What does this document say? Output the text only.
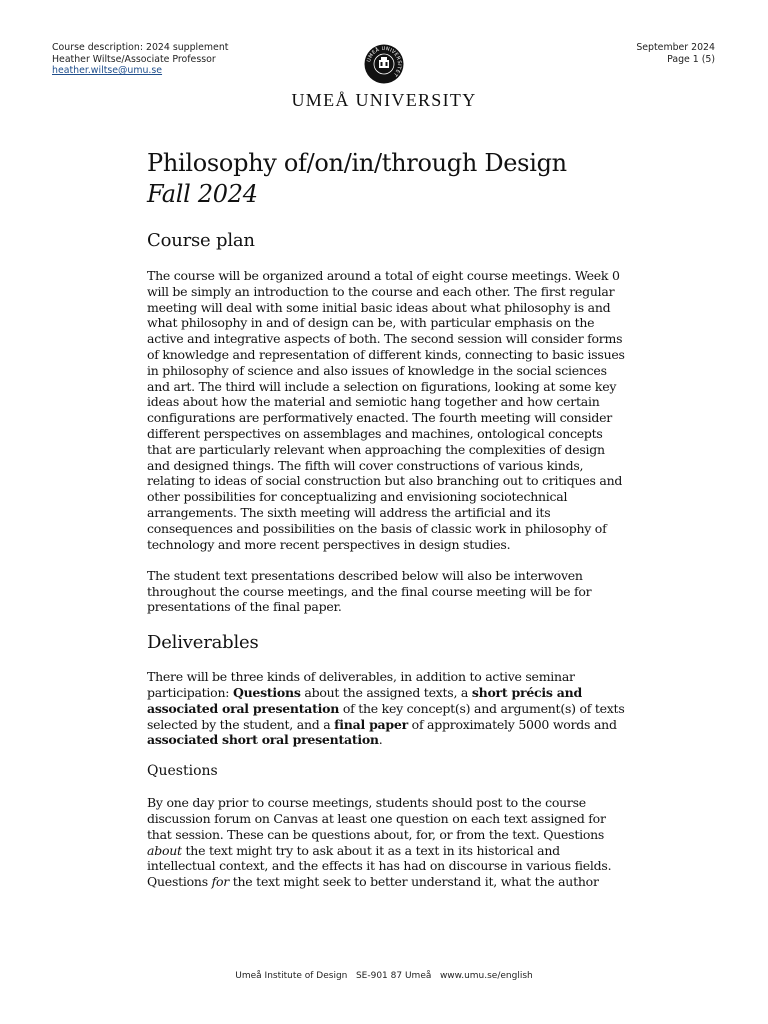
Course description: 2024 supplement
Heather Wiltse/Associate Professor
heather.wiltse@umu.se
September 2024
Page 1 (5)
UMEÅ UNIVERSITET
UMEÅ UNIVERSITY
Philosophy of/on/in/through Design
Fall 2024
Course plan

The course will be organized around a total of eight course meetings. Week 0 will be simply an introduction to the course and each other. The first regular meeting will deal with some initial basic ideas about what philosophy is and what philosophy in and of design can be, with particular emphasis on the active and integrative aspects of both. The second session will consider forms of knowledge and representation of different kinds, connecting to basic issues in philosophy of science and also issues of knowledge in the social sciences and art. The third will include a selection on figurations, looking at some key ideas about how the material and semiotic hang together and how certain configurations are performatively enacted. The fourth meeting will consider different perspectives on assemblages and machines, ontological concepts that are particularly relevant when approaching the complexities of design and designed things. The fifth will cover constructions of various kinds, relating to ideas of social construction but also branching out to critiques and other possibilities for conceptualizing and envisioning sociotechnical arrangements. The sixth meeting will address the artificial and its consequences and possibilities on the basis of classic work in philosophy of technology and more recent perspectives in design studies.

The student text presentations described below will also be interwoven throughout the course meetings, and the final course meeting will be for presentations of the final paper.

Deliverables

There will be three kinds of deliverables, in addition to active seminar participation: Questions about the assigned texts, a short précis and associated oral presentation of the key concept(s) and argument(s) of texts selected by the student, and a final paper of approximately 5000 words and associated short oral presentation.

Questions

By one day prior to course meetings, students should post to the course discussion forum on Canvas at least one question on each text assigned for that session. These can be questions about, for, or from the text. Questions about the text might try to ask about it as a text in its historical and intellectual context, and the effects it has had on discourse in various fields. Questions for the text might seek to better understand it, what the author

Umeå Institute of Design   SE-901 87 Umeå   www.umu.se/english
